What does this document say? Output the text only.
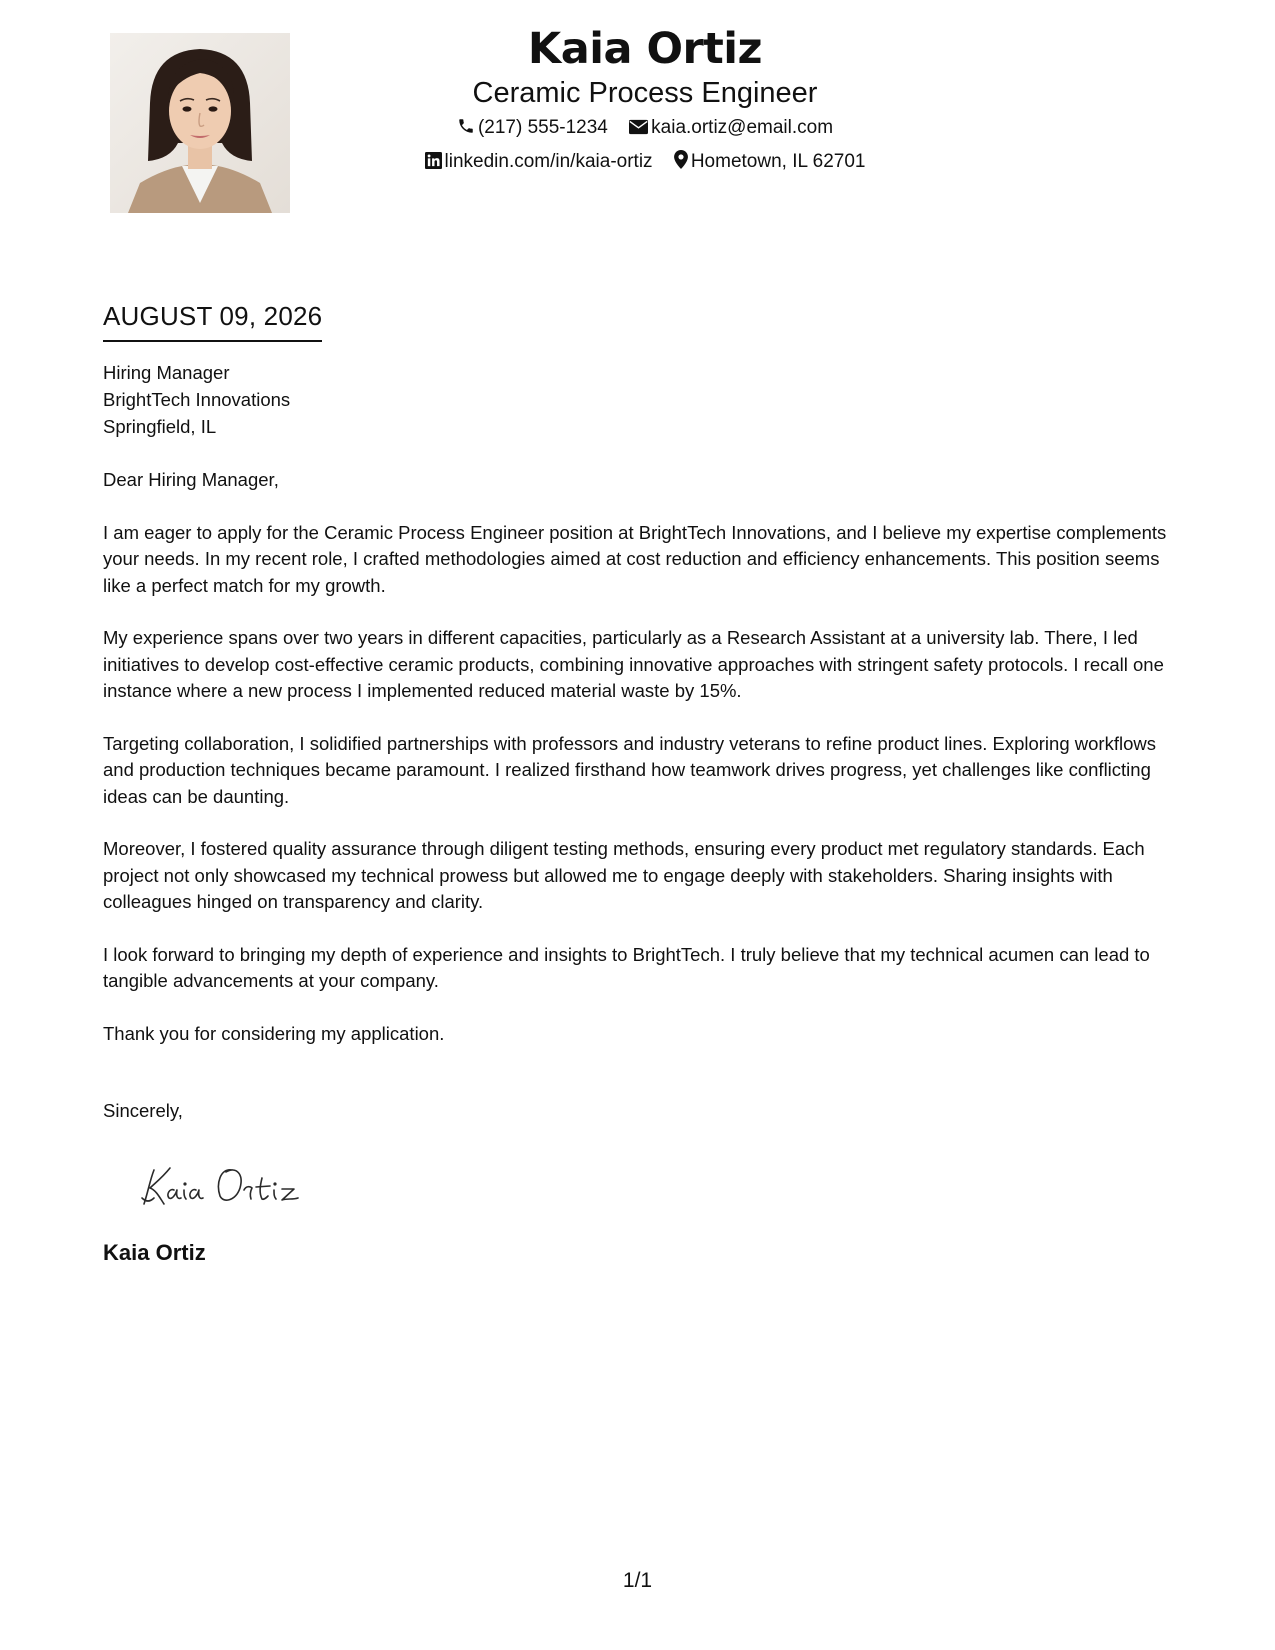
Kaia Ortiz
Ceramic Process Engineer
(217) 555-1234 kaia.ortiz@email.com
linkedin.com/in/kaia-ortiz Hometown, IL 62701
AUGUST 09, 2026
Hiring Manager
BrightTech Innovations
Springfield, IL

Dear Hiring Manager,

I am eager to apply for the Ceramic Process Engineer position at BrightTech Innovations, and I believe my expertise complements your needs. In my recent role, I crafted methodologies aimed at cost reduction and efficiency enhancements. This position seems like a perfect match for my growth.

My experience spans over two years in different capacities, particularly as a Research Assistant at a university lab. There, I led initiatives to develop cost-effective ceramic products, combining innovative approaches with stringent safety protocols. I recall one instance where a new process I implemented reduced material waste by 15%.

Targeting collaboration, I solidified partnerships with professors and industry veterans to refine product lines. Exploring workflows and production techniques became paramount. I realized firsthand how teamwork drives progress, yet challenges like conflicting ideas can be daunting.

Moreover, I fostered quality assurance through diligent testing methods, ensuring every product met regulatory standards. Each project not only showcased my technical prowess but allowed me to engage deeply with stakeholders. Sharing insights with colleagues hinged on transparency and clarity.

I look forward to bringing my depth of experience and insights to BrightTech. I truly believe that my technical acumen can lead to tangible advancements at your company.

Thank you for considering my application.

Sincerely,
Kaia Ortiz
1/1
